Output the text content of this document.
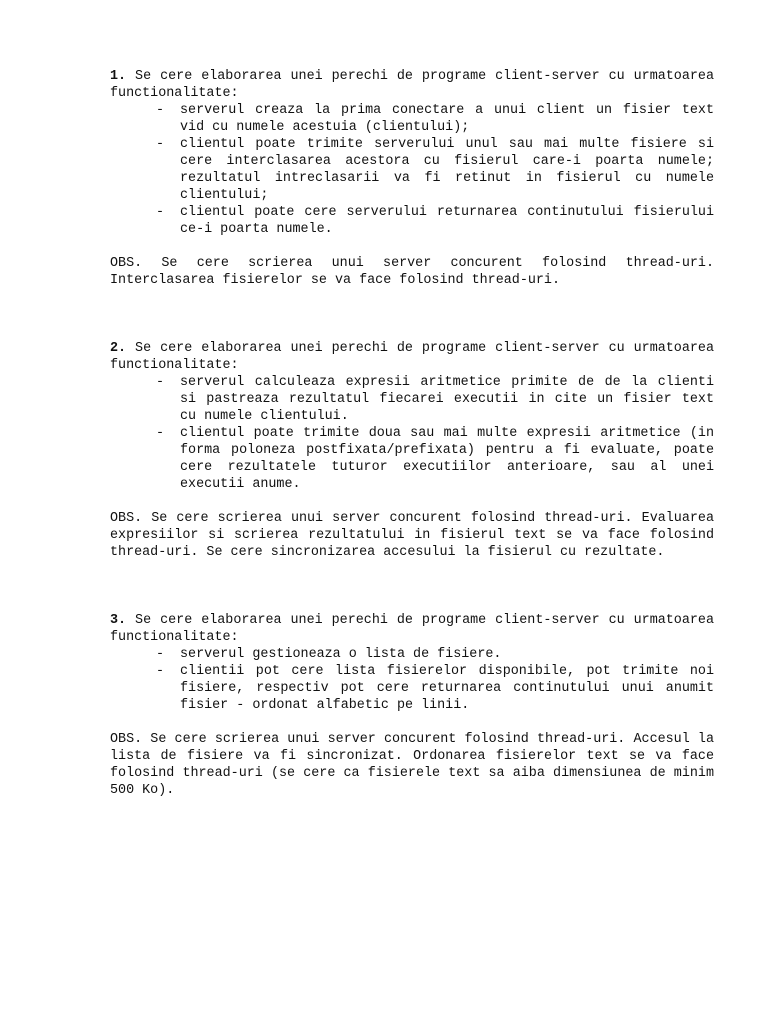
1. Se cere elaborarea unei perechi de programe client-server cu urmatoarea functionalitate:

- serverul creaza la prima conectare a unui client un fisier text vid cu numele acestuia (clientului);
- clientul poate trimite serverului unul sau mai multe fisiere si cere interclasarea acestora cu fisierul care-i poarta numele; rezultatul intreclasarii va fi retinut in fisierul cu numele clientului;
- clientul poate cere serverului returnarea continutului fisierului ce-i poarta numele.

OBS. Se cere scrierea unui server concurent folosind thread-uri. Interclasarea fisierelor se va face folosind thread-uri.

2. Se cere elaborarea unei perechi de programe client-server cu urmatoarea functionalitate:

- serverul calculeaza expresii aritmetice primite de de la clienti si pastreaza rezultatul fiecarei executii in cite un fisier text cu numele clientului.
- clientul poate trimite doua sau mai multe expresii aritmetice (in forma poloneza postfixata/prefixata) pentru a fi evaluate, poate cere rezultatele tuturor executiilor anterioare, sau al unei executii anume.

OBS. Se cere scrierea unui server concurent folosind thread-uri. Evaluarea expresiilor si scrierea rezultatului in fisierul text se va face folosind thread-uri. Se cere sincronizarea accesului la fisierul cu rezultate.

3. Se cere elaborarea unei perechi de programe client-server cu urmatoarea functionalitate:

- serverul gestioneaza o lista de fisiere.
- clientii pot cere lista fisierelor disponibile, pot trimite noi fisiere, respectiv pot cere returnarea continutului unui anumit fisier - ordonat alfabetic pe linii.

OBS. Se cere scrierea unui server concurent folosind thread-uri. Accesul la lista de fisiere va fi sincronizat. Ordonarea fisierelor text se va face folosind thread-uri (se cere ca fisierele text sa aiba dimensiunea de minim 500 Ko).
